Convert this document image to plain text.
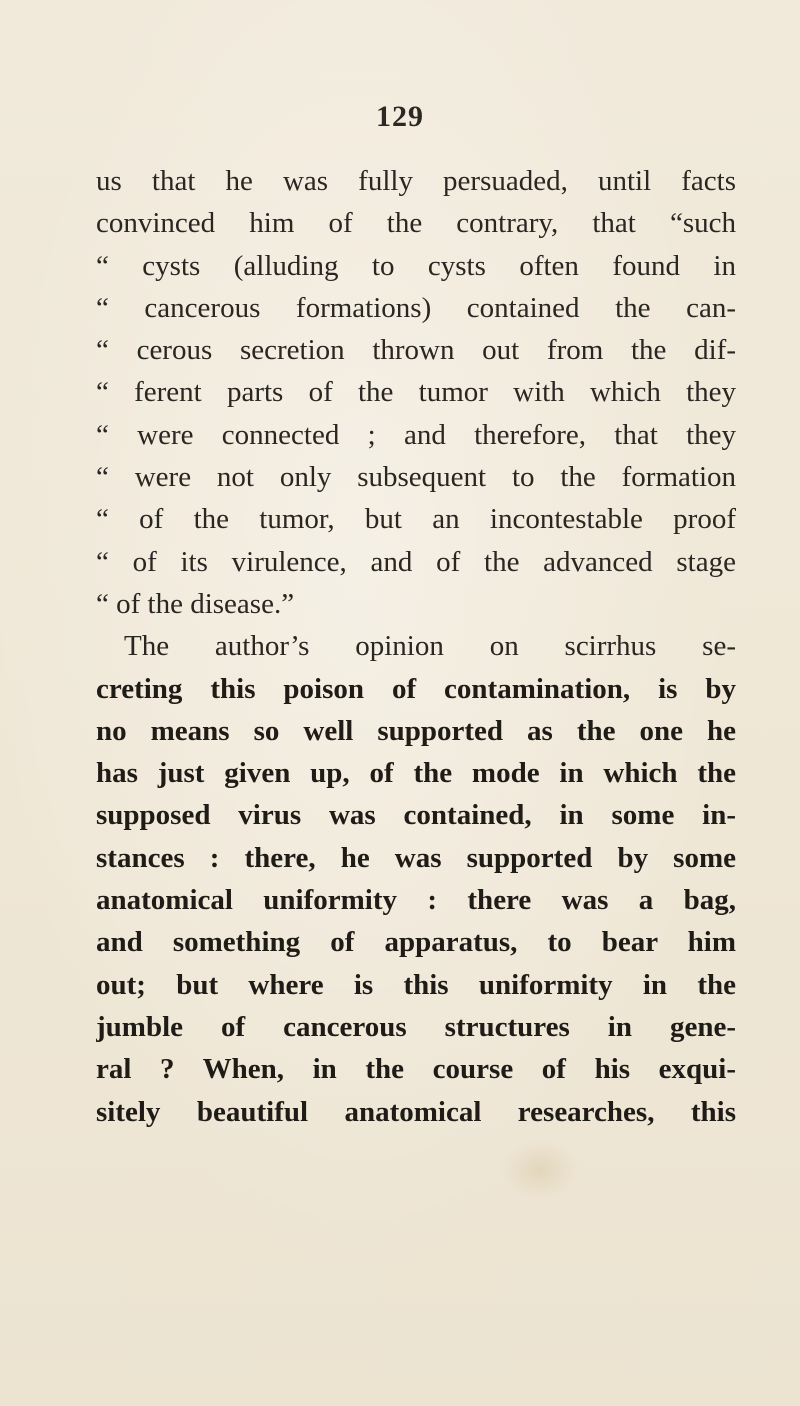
129
us that he was fully persuaded, until facts
convinced him of the contrary, that “such
“ cysts (alluding to cysts often found in
“ cancerous formations) contained the can-
“ cerous secretion thrown out from the dif-
“ ferent parts of the tumor with which they
“ were connected ; and therefore, that they
“ were not only subsequent to the formation
“ of the tumor, but an incontestable proof
“ of its virulence, and of the advanced stage
“ of the disease.”
The author’s opinion on scirrhus se-
creting this poison of contamination, is by
no means so well supported as the one he
has just given up, of the mode in which the
supposed virus was contained, in some in-
stances : there, he was supported by some
anatomical uniformity : there was a bag,
and something of apparatus, to bear him
out; but where is this uniformity in the
jumble of cancerous structures in gene-
ral ? When, in the course of his exqui-
sitely beautiful anatomical researches, this
